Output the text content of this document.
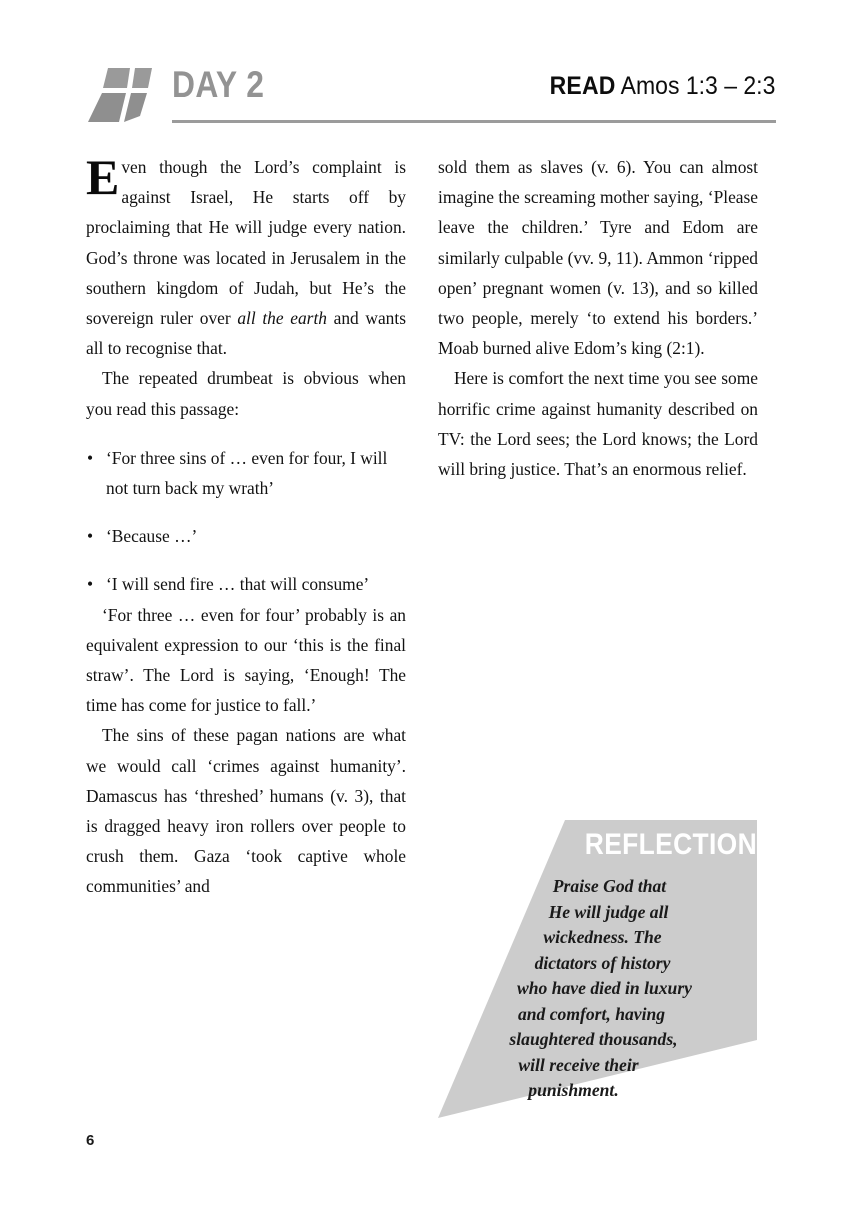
DAY 2	READ Amos 1:3 – 2:3

Even though the Lord’s complaint is against Israel, He starts off by proclaiming that He will judge every nation. God’s throne was located in Jerusalem in the southern kingdom of Judah, but He’s the sovereign ruler over all the earth and wants all to recognise that.

The repeated drumbeat is obvious when you read this passage:

• ‘For three sins of … even for four, I will not turn back my wrath’
• ‘Because …’
• ‘I will send fire … that will consume’

‘For three … even for four’ probably is an equivalent expression to our ‘this is the final straw’. The Lord is saying, ‘Enough! The time has come for justice to fall.’

The sins of these pagan nations are what we would call ‘crimes against humanity’. Damascus has ‘threshed’ humans (v. 3), that is dragged heavy iron rollers over people to crush them. Gaza ‘took captive whole communities’ and

sold them as slaves (v. 6). You can almost imagine the screaming mother saying, ‘Please leave the children.’ Tyre and Edom are similarly culpable (vv. 9, 11). Ammon ‘ripped open’ pregnant women (v. 13), and so killed two people, merely ‘to extend his borders.’ Moab burned alive Edom’s king (2:1).

Here is comfort the next time you see some horrific crime against humanity described on TV: the Lord sees; the Lord knows; the Lord will bring justice. That’s an enormous relief.

REFLECTION
Praise God that
He will judge all
wickedness. The
dictators of history
who have died in luxury
and comfort, having
slaughtered thousands,
will receive their
punishment.
6
